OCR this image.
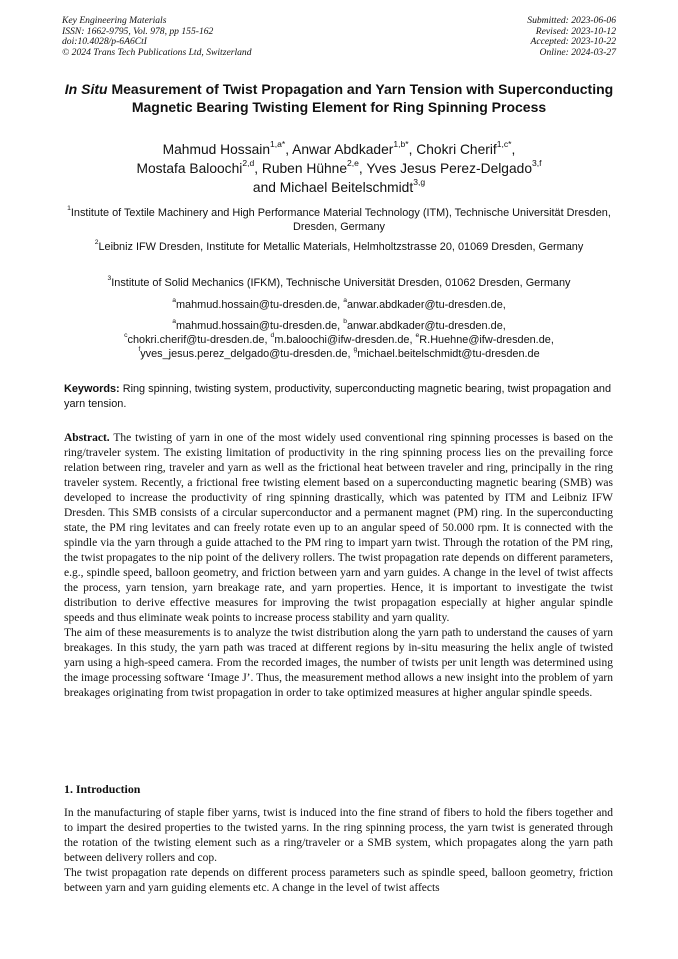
Key Engineering Materials
ISSN: 1662-9795, Vol. 978, pp 155-162
doi:10.4028/p-6A6CtI
© 2024 Trans Tech Publications Ltd, Switzerland
Submitted: 2023-06-06
Revised: 2023-10-12
Accepted: 2023-10-22
Online: 2024-03-27
In Situ Measurement of Twist Propagation and Yarn Tension with Superconducting Magnetic Bearing Twisting Element for Ring Spinning Process
Mahmud Hossain$^{1,a*}$, Anwar Abdkader$^{1,b*}$, Chokri Cherif$^{1,c*}$,
Mostafa Baloochi$^{2,d}$, Ruben Hühne$^{2,e}$, Yves Jesus Perez-Delgado$^{3,f}$
and Michael Beitelschmidt$^{3,g}$
$^1$Institute of Textile Machinery and High Performance Material Technology (ITM), Technische Universität Dresden, Dresden, Germany
$^2$Leibniz IFW Dresden, Institute for Metallic Materials, Helmholtzstrasse 20, 01069 Dresden, Germany
$^3$Institute of Solid Mechanics (IFKM), Technische Universität Dresden, 01062 Dresden, Germany
$^a$mahmud.hossain@tu-dresden.de, $^a$anwar.abdkader@tu-dresden.de,
$^a$mahmud.hossain@tu-dresden.de, $^b$anwar.abdkader@tu-dresden.de,
$^c$chokri.cherif@tu-dresden.de, $^d$m.baloochi@ifw-dresden.de, $^e$R.Huehne@ifw-dresden.de,
$^f$yves_jesus.perez_delgado@tu-dresden.de, $^g$michael.beitelschmidt@tu-dresden.de
Keywords: Ring spinning, twisting system, productivity, superconducting magnetic bearing, twist propagation and yarn tension.

Abstract. The twisting of yarn in one of the most widely used conventional ring spinning processes is based on the ring/traveler system. The existing limitation of productivity in the ring spinning process lies on the prevailing force relation between ring, traveler and yarn as well as the frictional heat between traveler and ring, principally in the ring traveler system. Recently, a frictional free twisting element based on a superconducting magnetic bearing (SMB) was developed to increase the productivity of ring spinning drastically, which was patented by ITM and Leibniz IFW Dresden. This SMB consists of a circular superconductor and a permanent magnet (PM) ring. In the superconducting state, the PM ring levitates and can freely rotate even up to an angular speed of 50.000 rpm. It is connected with the spindle via the yarn through a guide attached to the PM ring to impart yarn twist. Through the rotation of the PM ring, the twist propagates to the nip point of the delivery rollers. The twist propagation rate depends on different parameters, e.g., spindle speed, balloon geometry, and friction between yarn and yarn guides. A change in the level of twist affects the process, yarn tension, yarn breakage rate, and yarn properties. Hence, it is important to investigate the twist distribution to derive effective measures for improving the twist propagation especially at higher angular spindle speeds and thus eliminate weak points to increase process stability and yarn quality.

The aim of these measurements is to analyze the twist distribution along the yarn path to understand the causes of yarn breakages. In this study, the yarn path was traced at different regions by in-situ measuring the helix angle of twisted yarn using a high-speed camera. From the recorded images, the number of twists per unit length was determined using the image processing software ‘Image J’. Thus, the measurement method allows a new insight into the problem of yarn breakages originating from twist propagation in order to take optimized measures at higher angular spindle speeds.

1. Introduction

In the manufacturing of staple fiber yarns, twist is induced into the fine strand of fibers to hold the fibers together and to impart the desired properties to the twisted yarns. In the ring spinning process, the yarn twist is generated through the rotation of the twisting element such as a ring/traveler or a SMB system, which propagates along the yarn path between delivery rollers and cop.

The twist propagation rate depends on different process parameters such as spindle speed, balloon geometry, friction between yarn and yarn guiding elements etc. A change in the level of twist affects
